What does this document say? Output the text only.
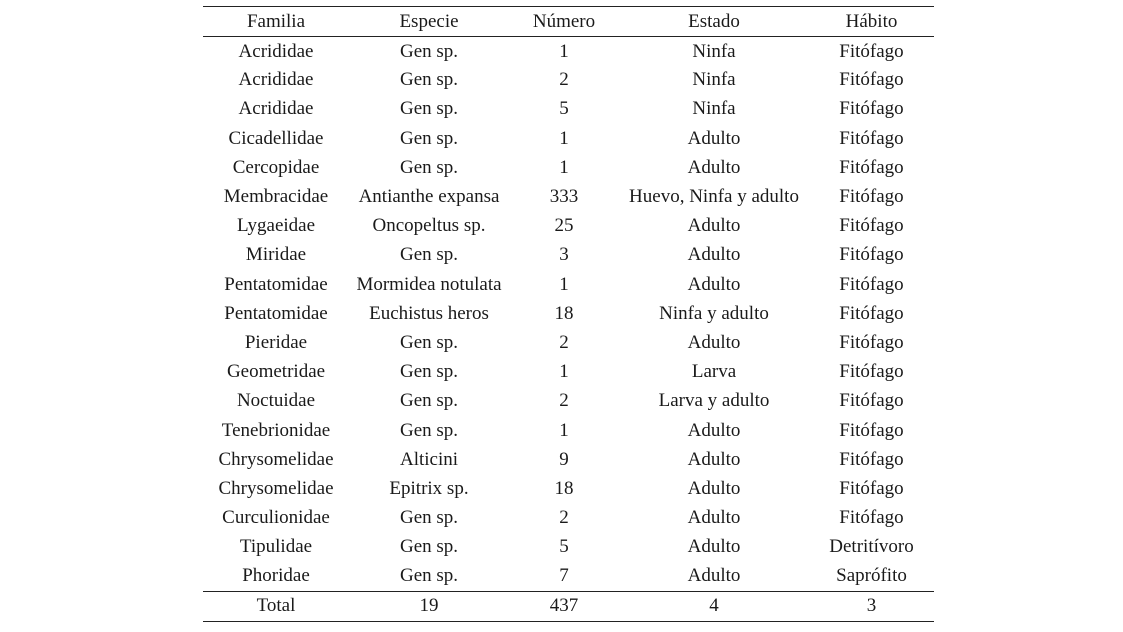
Familia	Especie	Número	Estado	Hábito
Acrididae	Gen sp.	1	Ninfa	Fitófago
Acrididae	Gen sp.	2	Ninfa	Fitófago
Acrididae	Gen sp.	5	Ninfa	Fitófago
Cicadellidae	Gen sp.	1	Adulto	Fitófago
Cercopidae	Gen sp.	1	Adulto	Fitófago
Membracidae	Antianthe expansa	333	Huevo, Ninfa y adulto	Fitófago
Lygaeidae	Oncopeltus sp.	25	Adulto	Fitófago
Miridae	Gen sp.	3	Adulto	Fitófago
Pentatomidae	Mormidea notulata	1	Adulto	Fitófago
Pentatomidae	Euchistus heros	18	Ninfa y adulto	Fitófago
Pieridae	Gen sp.	2	Adulto	Fitófago
Geometridae	Gen sp.	1	Larva	Fitófago
Noctuidae	Gen sp.	2	Larva y adulto	Fitófago
Tenebrionidae	Gen sp.	1	Adulto	Fitófago
Chrysomelidae	Alticini	9	Adulto	Fitófago
Chrysomelidae	Epitrix sp.	18	Adulto	Fitófago
Curculionidae	Gen sp.	2	Adulto	Fitófago
Tipulidae	Gen sp.	5	Adulto	Detritívoro
Phoridae	Gen sp.	7	Adulto	Saprófito
Total	19	437	4	3
